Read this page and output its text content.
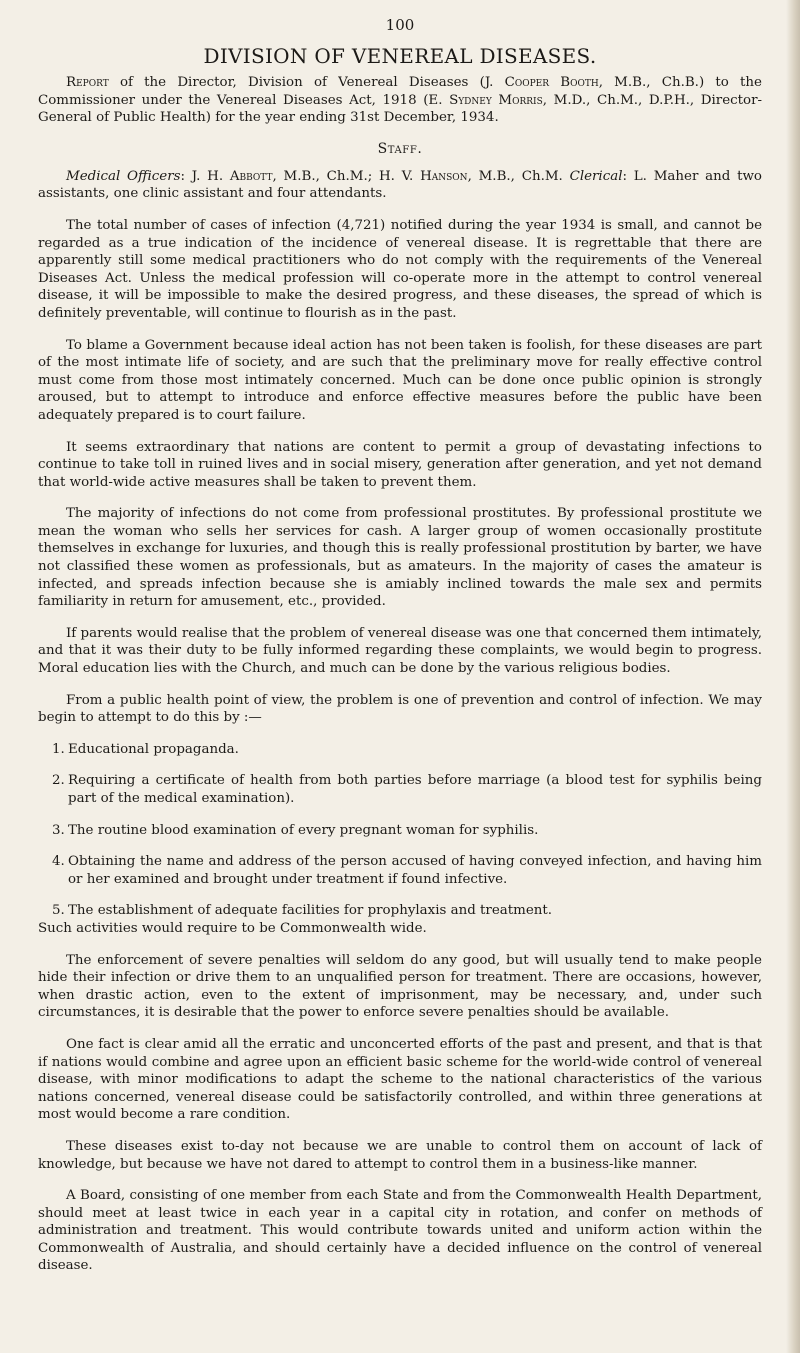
100
DIVISION OF VENEREAL DISEASES.

Report of the Director, Division of Venereal Diseases (J. Cooper Booth, M.B., Ch.B.) to the Commissioner under the Venereal Diseases Act, 1918 (E. Sydney Morris, M.D., Ch.M., D.P.H., Director-General of Public Health) for the year ending 31st December, 1934.

Staff.

Medical Officers: J. H. Abbott, M.B., Ch.M.; H. V. Hanson, M.B., Ch.M. Clerical: L. Maher and two assistants, one clinic assistant and four attendants.

The total number of cases of infection (4,721) notified during the year 1934 is small, and cannot be regarded as a true indication of the incidence of venereal disease. It is regrettable that there are apparently still some medical practitioners who do not comply with the requirements of the Venereal Diseases Act. Unless the medical profession will co-operate more in the attempt to control venereal disease, it will be impossible to make the desired progress, and these diseases, the spread of which is definitely preventable, will continue to flourish as in the past.

To blame a Government because ideal action has not been taken is foolish, for these diseases are part of the most intimate life of society, and are such that the preliminary move for really effective control must come from those most intimately concerned. Much can be done once public opinion is strongly aroused, but to attempt to introduce and enforce effective measures before the public have been adequately prepared is to court failure.

It seems extraordinary that nations are content to permit a group of devastating infections to continue to take toll in ruined lives and in social misery, generation after generation, and yet not demand that world-wide active measures shall be taken to prevent them.

The majority of infections do not come from professional prostitutes. By professional prostitute we mean the woman who sells her services for cash. A larger group of women occasionally prostitute themselves in exchange for luxuries, and though this is really professional prostitution by barter, we have not classified these women as professionals, but as amateurs. In the majority of cases the amateur is infected, and spreads infection because she is amiably inclined towards the male sex and permits familiarity in return for amusement, etc., provided.

If parents would realise that the problem of venereal disease was one that concerned them intimately, and that it was their duty to be fully informed regarding these complaints, we would begin to progress. Moral education lies with the Church, and much can be done by the various religious bodies.

From a public health point of view, the problem is one of prevention and control of infection. We may begin to attempt to do this by :—

1. Educational propaganda.

2. Requiring a certificate of health from both parties before marriage (a blood test for syphilis being part of the medical examination).

3. The routine blood examination of every pregnant woman for syphilis.

4. Obtaining the name and address of the person accused of having conveyed infection, and having him or her examined and brought under treatment if found infective.

5. The establishment of adequate facilities for prophylaxis and treatment.

Such activities would require to be Commonwealth wide.

The enforcement of severe penalties will seldom do any good, but will usually tend to make people hide their infection or drive them to an unqualified person for treatment. There are occasions, however, when drastic action, even to the extent of imprisonment, may be necessary, and, under such circumstances, it is desirable that the power to enforce severe penalties should be available.

One fact is clear amid all the erratic and unconcerted efforts of the past and present, and that is that if nations would combine and agree upon an efficient basic scheme for the world-wide control of venereal disease, with minor modifications to adapt the scheme to the national characteristics of the various nations concerned, venereal disease could be satisfactorily controlled, and within three generations at most would become a rare condition.

These diseases exist to-day not because we are unable to control them on account of lack of knowledge, but because we have not dared to attempt to control them in a business-like manner.

A Board, consisting of one member from each State and from the Commonwealth Health Department, should meet at least twice in each year in a capital city in rotation, and confer on methods of administration and treatment. This would contribute towards united and uniform action within the Commonwealth of Australia, and should certainly have a decided influence on the control of venereal disease.
